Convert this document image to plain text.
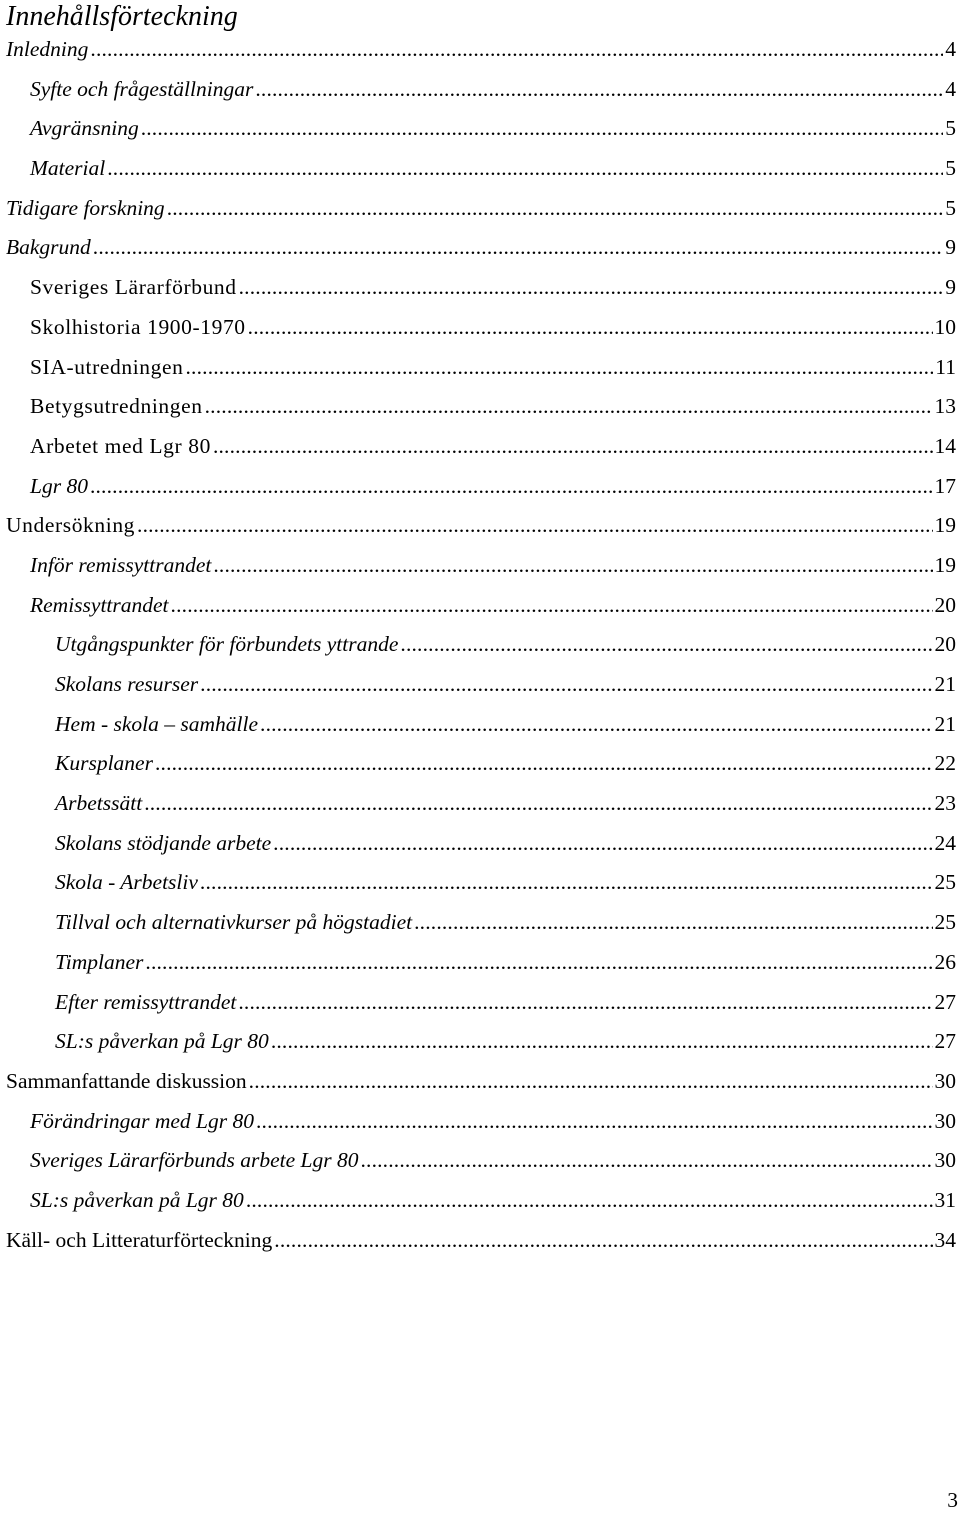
Innehållsförteckning
Inledning . . .	4
Syfte och frågeställningar . . .	4
Avgränsning . . .	5
Material . . .	5
Tidigare forskning . . .	5
Bakgrund . . .	9
Sveriges Lärarförbund . . .	9
Skolhistoria 1900-1970 . . .	10
SIA-utredningen . . .	11
Betygsutredningen . . .	13
Arbetet med Lgr 80 . . .	14
Lgr 80 . . .	17
Undersökning . . .	19
Inför remissyttrandet . . .	19
Remissyttrandet . . .	20
Utgångspunkter för förbundets yttrande . . .	20
Skolans resurser . . .	21
Hem - skola – samhälle . . .	21
Kursplaner . . .	22
Arbetssätt . . .	23
Skolans stödjande arbete . . .	24
Skola - Arbetsliv . . .	25
Tillval och alternativkurser på högstadiet . . .	25
Timplaner . . .	26
Efter remissyttrandet . . .	27
SL:s påverkan på Lgr 80 . . .	27
Sammanfattande diskussion . . .	30
Förändringar med Lgr 80 . . .	30
Sveriges Lärarförbunds arbete Lgr 80 . . .	30
SL:s påverkan på Lgr 80 . . .	31
Käll- och Litteraturförteckning . . .	34
3
